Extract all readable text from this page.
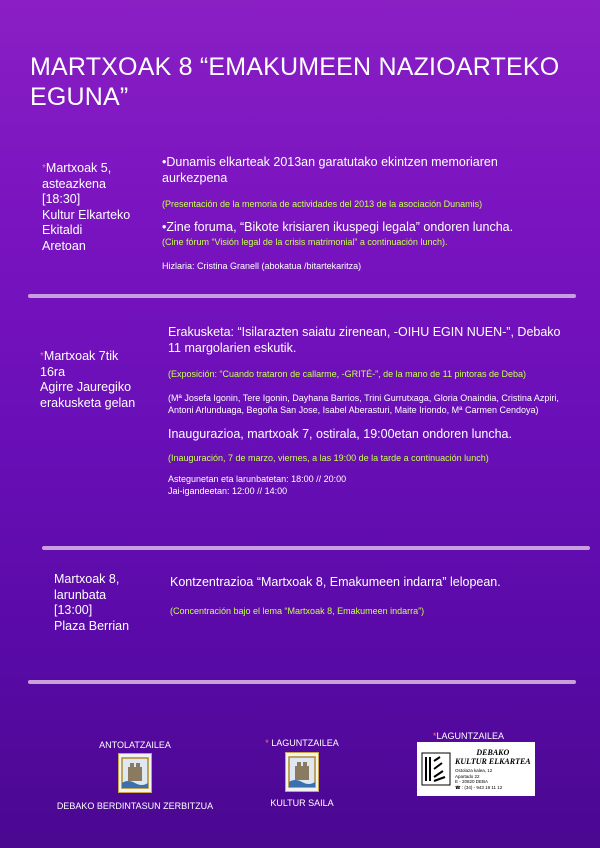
MARTXOAK 8 “EMAKUMEEN NAZIOARTEKO EGUNA”
*Martxoak 5,
asteazkena
[18:30]
Kultur Elkarteko
Ekitaldi
Aretoan
•Dunamis elkarteak 2013an garatutako ekintzen memoriaren aurkezpena
(Presentación de la memoria de actividades del 2013 de la asociación Dunamis)
•Zine foruma, “Bikote krisiaren ikuspegi legala” ondoren luncha.
(Cine fórum “Visión legal de la crisis matrimonial” a continuación lunch).
Hizlaria: Cristina Granell (abokatua /bitartekaritza)
*Martxoak 7tik
16ra
Agirre Jauregiko
erakusketa gelan
Erakusketa: “Isilarazten saiatu zirenean, -OIHU EGIN NUEN-”, Debako 11 margolarien eskutik.
(Exposición: “Cuando trataron de callarme, -GRITÉ-”, de la mano de 11 pintoras de Deba)
(Mª Josefa Igonin, Tere Igonin, Dayhana Barrios, Trini Gurrutxaga, Gloria Onaindia, Cristina Azpiri, Antoni Arlunduaga, Begoña San Jose, Isabel Aberasturi, Maite Iriondo, Mª Carmen Cendoya)
Inaugurazioa, martxoak 7, ostirala, 19:00etan ondoren luncha.
(Inauguración, 7 de marzo, viernes, a las 19:00 de la tarde a continuación lunch)
Astegunetan eta larunbatetan: 18:00 // 20:00
Jai-igandeetan: 12:00 // 14:00
Martxoak 8,
larunbata
[13:00]
Plaza Berrian
Kontzentrazioa “Martxoak 8, Emakumeen indarra” lelopean.
(Concentración bajo el lema “Martxoak 8, Emakumeen indarra”)
ANTOLATZAILEA
DEBAKO BERDINTASUN ZERBITZUA
* LAGUNTZAILEA
KULTUR SAILA
*LAGUNTZAILEA
DEBAKO
KULTUR ELKARTEA
Ostolaza kalea, 12
Apartado 22
E - 20820 DEBA
☎ : (34) - 943 19 11 12
